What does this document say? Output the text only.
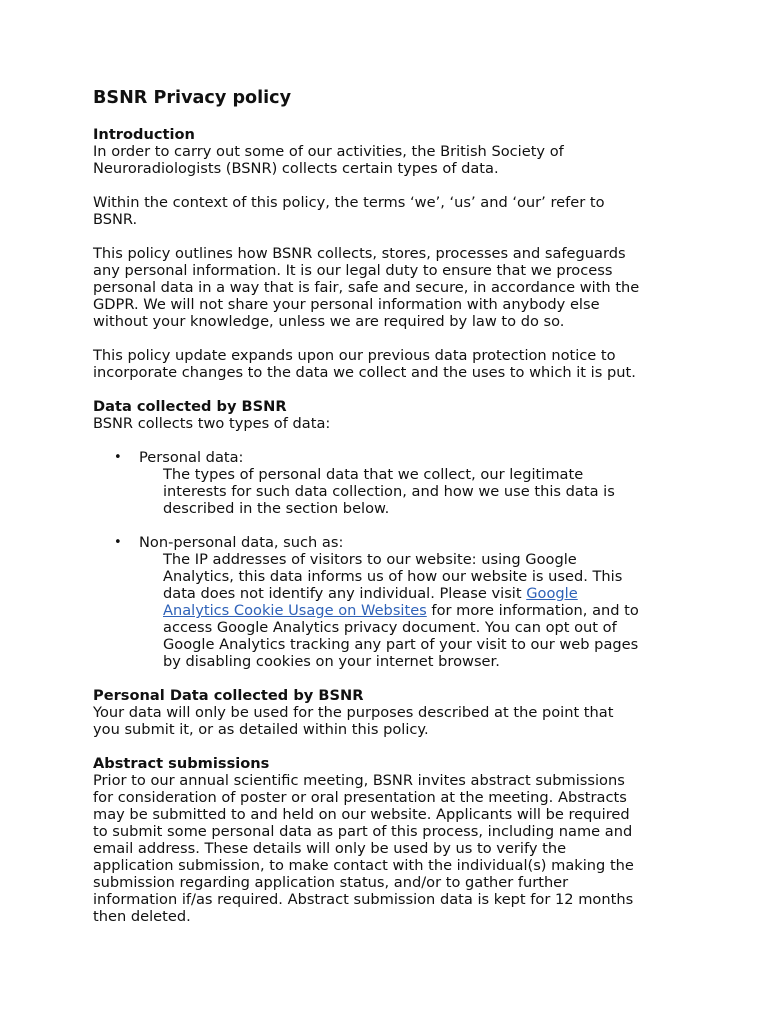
BSNR Privacy policy
Introduction

In order to carry out some of our activities, the British Society of
Neuroradiologists (BSNR) collects certain types of data.

Within the context of this policy, the terms ‘we’, ‘us’ and ‘our’ refer to
BSNR.

This policy outlines how BSNR collects, stores, processes and safeguards
any personal information. It is our legal duty to ensure that we process
personal data in a way that is fair, safe and secure, in accordance with the
GDPR. We will not share your personal information with anybody else
without your knowledge, unless we are required by law to do so.

This policy update expands upon our previous data protection notice to
incorporate changes to the data we collect and the uses to which it is put.

Data collected by BSNR

BSNR collects two types of data:

• Personal data:
The types of personal data that we collect, our legitimate
interests for such data collection, and how we use this data is
described in the section below.
• Non-personal data, such as:
The IP addresses of visitors to our website: using Google
Analytics, this data informs us of how our website is used. This
data does not identify any individual. Please visit Google
Analytics Cookie Usage on Websites for more information, and to
access Google Analytics privacy document. You can opt out of
Google Analytics tracking any part of your visit to our web pages
by disabling cookies on your internet browser.
Personal Data collected by BSNR

Your data will only be used for the purposes described at the point that
you submit it, or as detailed within this policy.

Abstract submissions

Prior to our annual scientific meeting, BSNR invites abstract submissions
for consideration of poster or oral presentation at the meeting. Abstracts
may be submitted to and held on our website. Applicants will be required
to submit some personal data as part of this process, including name and
email address. These details will only be used by us to verify the
application submission, to make contact with the individual(s) making the
submission regarding application status, and/or to gather further
information if/as required. Abstract submission data is kept for 12 months
then deleted.
